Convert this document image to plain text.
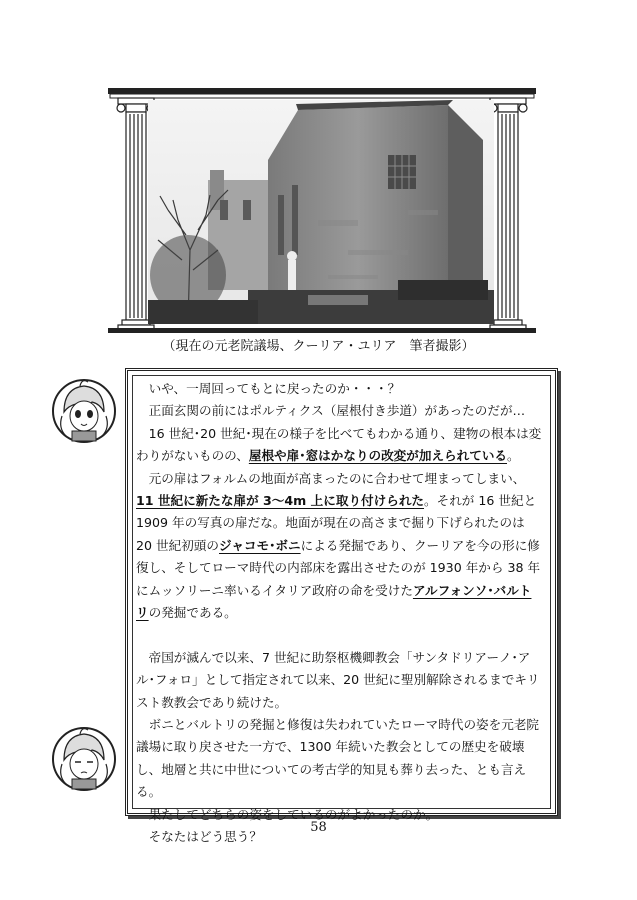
（現在の元老院議場、クーリア・ユリア　筆者撮影）

いや、一周回ってもとに戻ったのか・・・？

正面玄関の前にはポルティクス（屋根付き歩道）があったのだが…

16 世紀･20 世紀･現在の様子を比べてもわかる通り、建物の根本は変わりがないものの、屋根や扉･窓はかなりの改変が加えられている。

元の扉はフォルムの地面が高まったのに合わせて埋まってしまい、11 世紀に新たな扉が 3～4m 上に取り付けられた。それが 16 世紀と 1909 年の写真の扉だな。地面が現在の高さまで掘り下げられたのは 20 世紀初頭のジャコモ･ボニによる発掘であり、クーリアを今の形に修復し、そしてローマ時代の内部床を露出させたのが 1930 年から 38 年にムッソリーニ率いるイタリア政府の命を受けたアルフォンソ･バルトリの発掘である。

帝国が滅んで以来、7 世紀に助祭枢機卿教会「サンタドリアーノ･アル･フォロ」として指定されて以来、20 世紀に聖別解除されるまでキリスト教教会であり続けた。

ボニとバルトリの発掘と修復は失われていたローマ時代の姿を元老院議場に取り戻させた一方で、1300 年続いた教会としての歴史を破壊し、地層と共に中世についての考古学的知見も葬り去った、とも言える。

果たしてどちらの姿をしているのがよかったのか。

そなたはどう思う？

58
